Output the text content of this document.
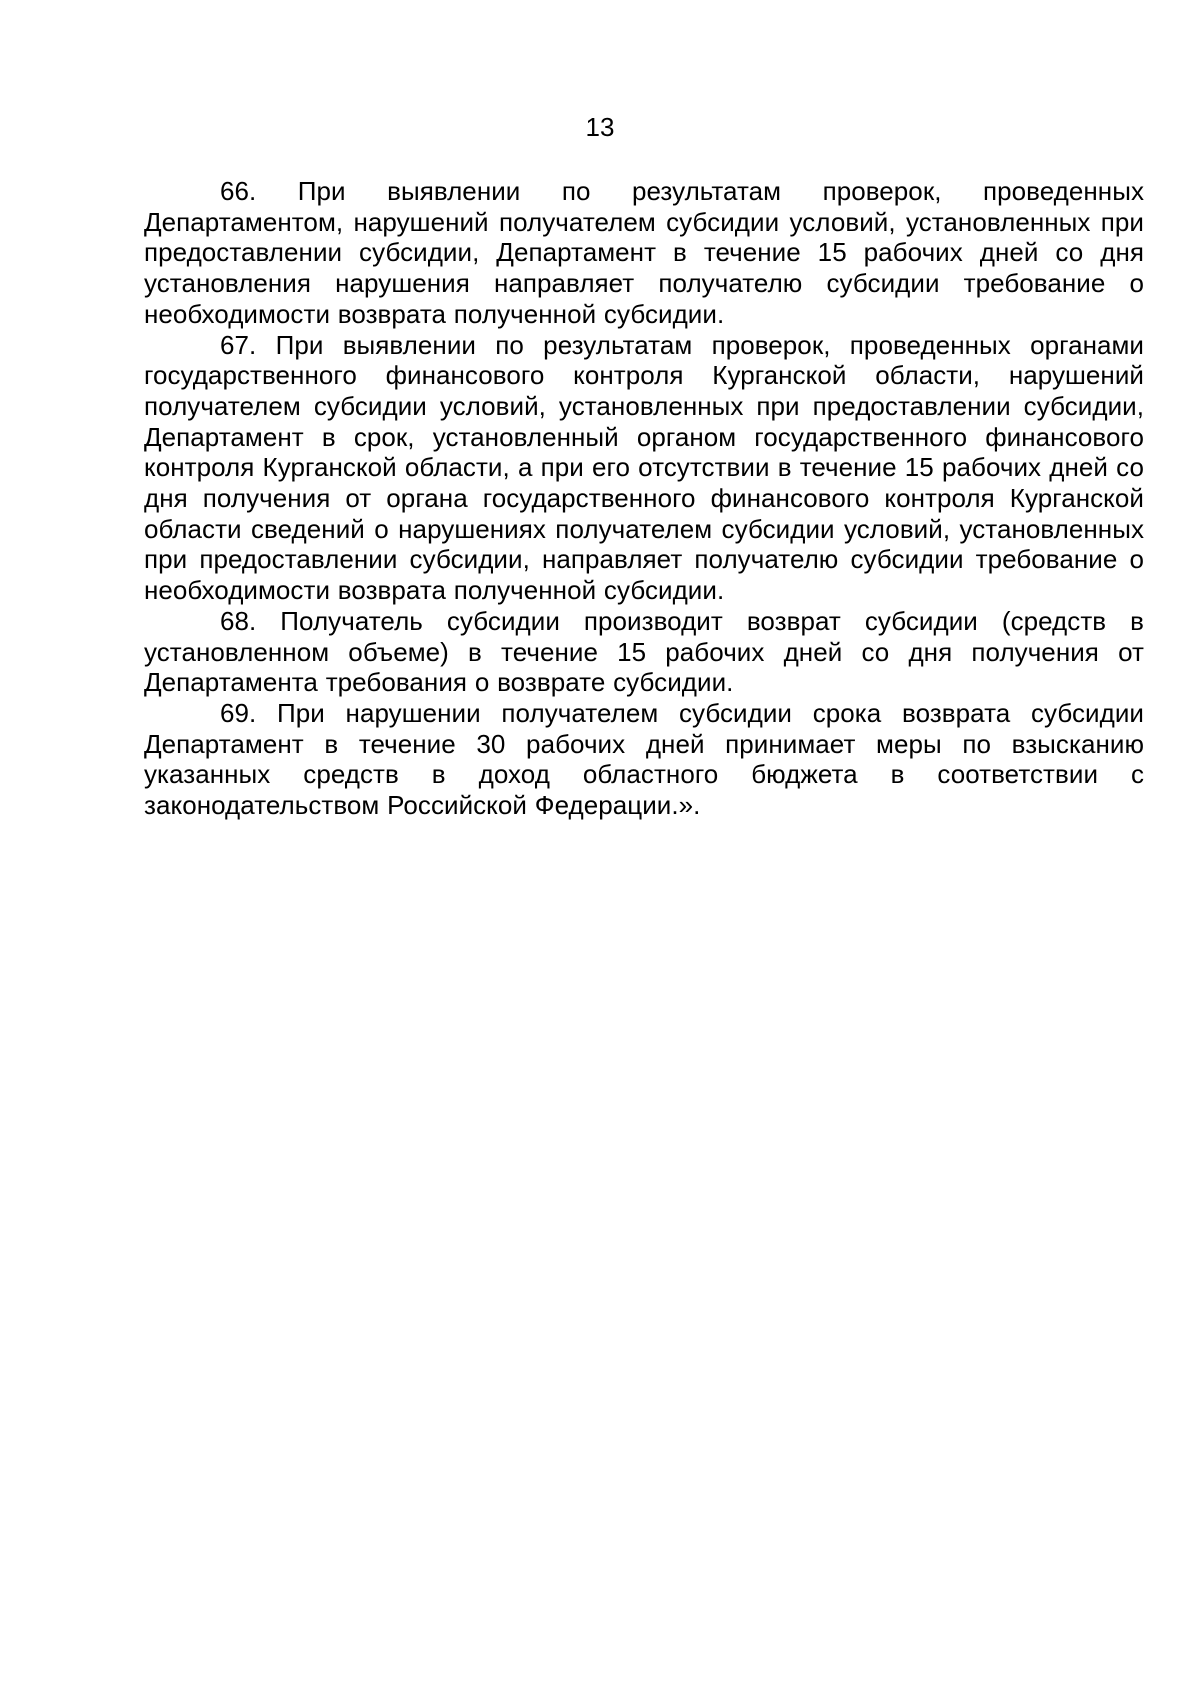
13

66. При выявлении по результатам проверок, проведенных Департаментом, нарушений получателем субсидии условий, установленных при предоставлении субсидии, Департамент в течение 15 рабочих дней со дня установления нарушения направляет получателю субсидии требование о необходимости возврата полученной субсидии.

67. При выявлении по результатам проверок, проведенных органами государственного финансового контроля Курганской области, нарушений получателем субсидии условий, установленных при предоставлении субсидии, Департамент в срок, установленный органом государственного финансового контроля Курганской области, а при его отсутствии в течение 15 рабочих дней со дня получения от органа государственного финансового контроля Курганской области сведений о нарушениях получателем субсидии условий, установленных при предоставлении субсидии, направляет получателю субсидии требование о необходимости возврата полученной субсидии.

68. Получатель субсидии производит возврат субсидии (средств в установленном объеме) в течение 15 рабочих дней со дня получения от Департамента требования о возврате субсидии.

69. При нарушении получателем субсидии срока возврата субсидии Департамент в течение 30 рабочих дней принимает меры по взысканию указанных средств в доход областного бюджета в соответствии с законодательством Российской Федерации.».
